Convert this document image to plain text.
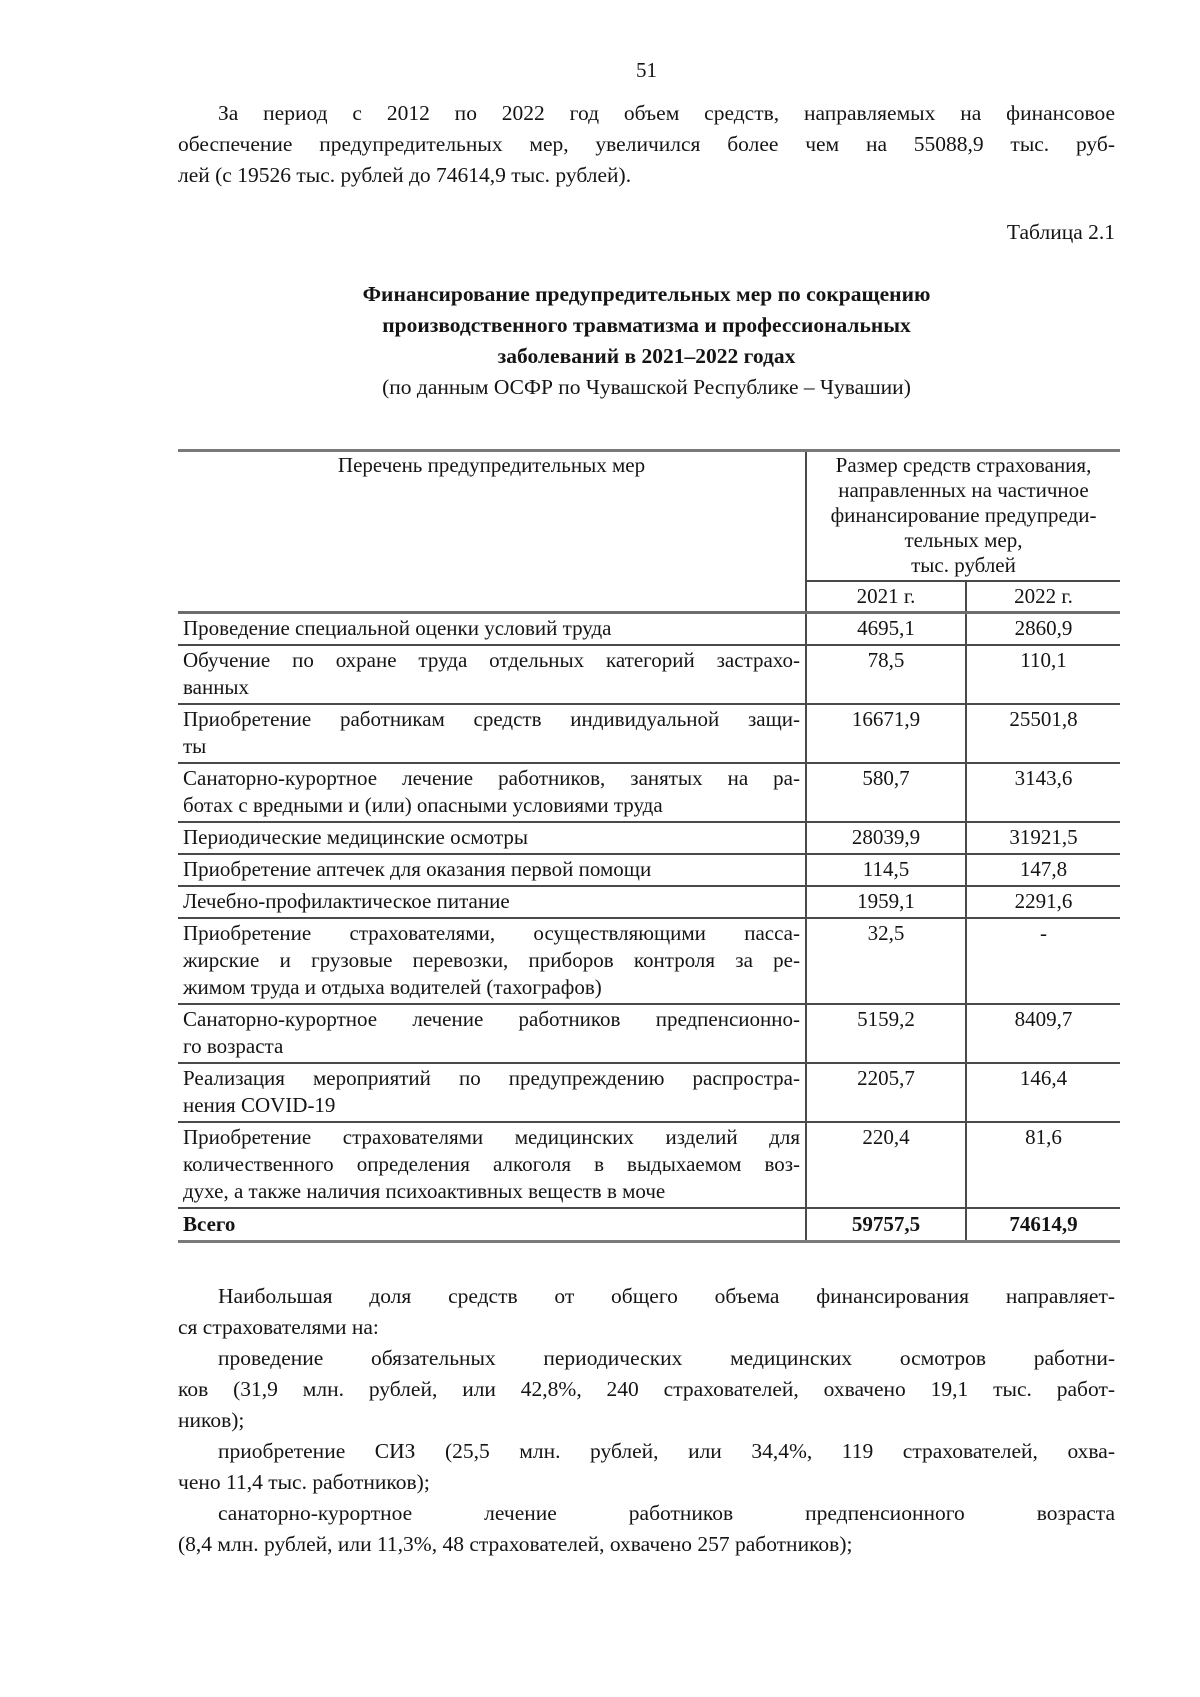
51
За период с 2012 по 2022 год объем средств, направляемых на финансовое
обеспечение предупредительных мер, увеличился более чем на 55088,9 тыс. руб-
лей (с 19526 тыс. рублей до 74614,9 тыс. рублей).
Таблица 2.1
Финансирование предупредительных мер по сокращению
производственного травматизма и профессиональных
заболеваний в 2021–2022 годах
(по данным ОСФР по Чувашской Республике – Чувашии)
Перечень предупредительных мер	Размер средств страхования,
направленных на частичное
финансирование предупреди-
тельных мер,
тыс. рублей	

	2021 г.	2022 г.

Проведение специальной оценки условий труда	4695,1	2860,9

Обучение по охране труда отдельных категорий застрахо-
ванных	78,5	110,1

Приобретение работникам средств индивидуальной защи-
ты	16671,9	25501,8

Санаторно-курортное лечение работников, занятых на ра-
ботах с вредными и (или) опасными условиями труда	580,7	3143,6

Периодические медицинские осмотры	28039,9	31921,5

Приобретение аптечек для оказания первой помощи	114,5	147,8

Лечебно-профилактическое питание	1959,1	2291,6

Приобретение страхователями, осуществляющими пасса-
жирские и грузовые перевозки, приборов контроля за ре-
жимом труда и отдыха водителей (тахографов)	32,5	-

Санаторно-курортное лечение работников предпенсионно-
го возраста	5159,2	8409,7

Реализация мероприятий по предупреждению распростра-
нения COVID-19	2205,7	146,4

Приобретение страхователями медицинских изделий для
количественного определения алкоголя в выдыхаемом воз-
духе, а также наличия психоактивных веществ в моче	220,4	81,6
Всего	59757,5	74614,9
Наибольшая доля средств от общего объема финансирования направляет-
ся страхователями на:
проведение обязательных периодических медицинских осмотров работни-
ков (31,9 млн. рублей, или 42,8%, 240 страхователей, охвачено 19,1 тыс. работ-
ников);
приобретение СИЗ (25,5 млн. рублей, или 34,4%, 119 страхователей, охва-
чено 11,4 тыс. работников);
санаторно-курортное лечение работников предпенсионного возраста
(8,4 млн. рублей, или 11,3%, 48 страхователей, охвачено 257 работников);
